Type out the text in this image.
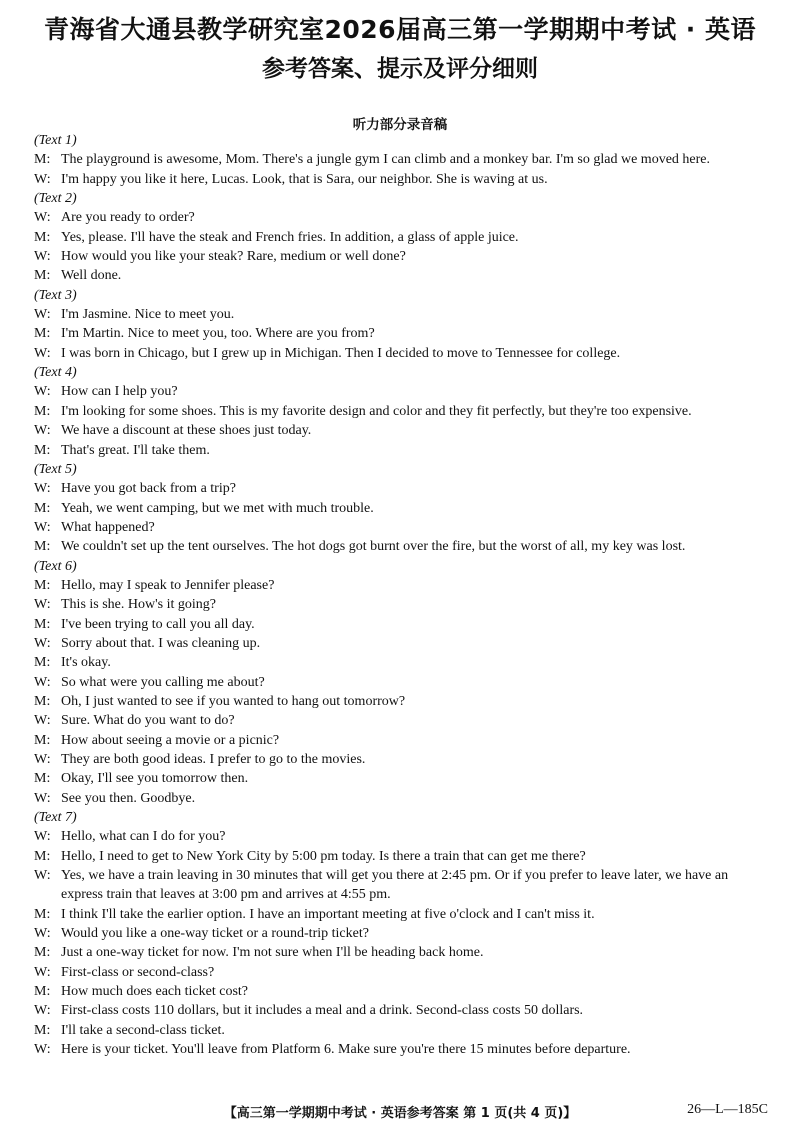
青海省大通县教学研究室2026届高三第一学期期中考试 · 英语
参考答案、提示及评分细则
听力部分录音稿
(Text 1)
M: The playground is awesome, Mom. There's a jungle gym I can climb and a monkey bar. I'm so glad we moved here.
W: I'm happy you like it here, Lucas. Look, that is Sara, our neighbor. She is waving at us.
(Text 2)
W: Are you ready to order?
M: Yes, please. I'll have the steak and French fries. In addition, a glass of apple juice.
W: How would you like your steak? Rare, medium or well done?
M: Well done.
(Text 3)
W: I'm Jasmine. Nice to meet you.
M: I'm Martin. Nice to meet you, too. Where are you from?
W: I was born in Chicago, but I grew up in Michigan. Then I decided to move to Tennessee for college.
(Text 4)
W: How can I help you?
M: I'm looking for some shoes. This is my favorite design and color and they fit perfectly, but they're too expensive.
W: We have a discount at these shoes just today.
M: That's great. I'll take them.
(Text 5)
W: Have you got back from a trip?
M: Yeah, we went camping, but we met with much trouble.
W: What happened?
M: We couldn't set up the tent ourselves. The hot dogs got burnt over the fire, but the worst of all, my key was lost.
(Text 6)
M: Hello, may I speak to Jennifer please?
W: This is she. How's it going?
M: I've been trying to call you all day.
W: Sorry about that. I was cleaning up.
M: It's okay.
W: So what were you calling me about?
M: Oh, I just wanted to see if you wanted to hang out tomorrow?
W: Sure. What do you want to do?
M: How about seeing a movie or a picnic?
W: They are both good ideas. I prefer to go to the movies.
M: Okay, I'll see you tomorrow then.
W: See you then. Goodbye.
(Text 7)
W: Hello, what can I do for you?
M: Hello, I need to get to New York City by 5:00 pm today. Is there a train that can get me there?
W: Yes, we have a train leaving in 30 minutes that will get you there at 2:45 pm. Or if you prefer to leave later, we have an express train that leaves at 3:00 pm and arrives at 4:55 pm.
M: I think I'll take the earlier option. I have an important meeting at five o'clock and I can't miss it.
W: Would you like a one-way ticket or a round-trip ticket?
M: Just a one-way ticket for now. I'm not sure when I'll be heading back home.
W: First-class or second-class?
M: How much does each ticket cost?
W: First-class costs 110 dollars, but it includes a meal and a drink. Second-class costs 50 dollars.
M: I'll take a second-class ticket.
W: Here is your ticket. You'll leave from Platform 6. Make sure you're there 15 minutes before departure.
【高三第一学期期中考试 · 英语参考答案 第 1 页(共 4 页)】	26—L—185C
